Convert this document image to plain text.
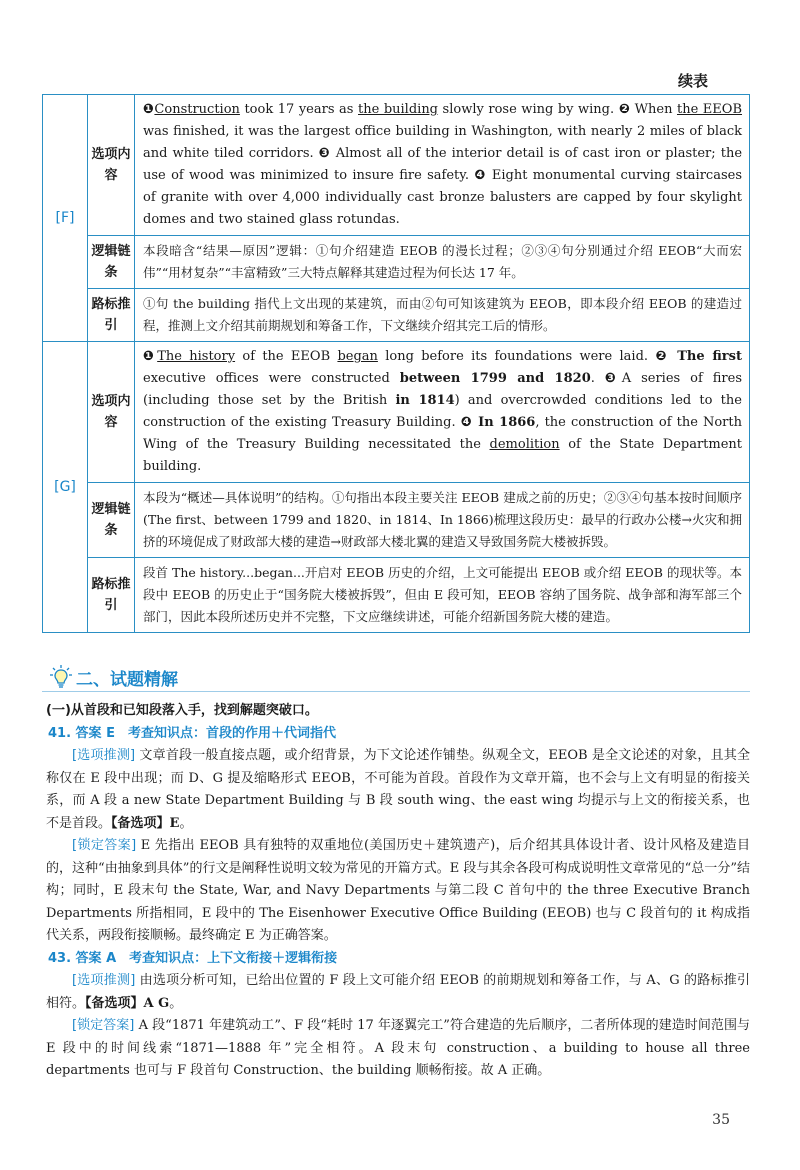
续表
[F]	选项内容	❶Construction took 17 years as the building slowly rose wing by wing. ❷ When the EEOB was finished, it was the largest office building in Washington, with nearly 2 miles of black and white tiled corridors. ❸ Almost all of the interior detail is of cast iron or plaster; the use of wood was minimized to insure fire safety. ❹ Eight monumental curving staircases of granite with over 4,000 individually cast bronze balusters are capped by four skylight domes and two stained glass rotundas.
	逻辑链条	本段暗含“结果—原因”逻辑：①句介绍建造 EEOB 的漫长过程；②③④句分别通过介绍 EEOB“大而宏伟”“用材复杂”“丰富精致”三大特点解释其建造过程为何长达 17 年。
	路标推引	①句 the building 指代上文出现的某建筑，而由②句可知该建筑为 EEOB，即本段介绍 EEOB 的建造过程，推测上文介绍其前期规划和筹备工作，下文继续介绍其完工后的情形。
[G]	选项内容	❶The history of the EEOB began long before its foundations were laid. ❷ The first executive offices were constructed between 1799 and 1820. ❸A series of fires (including those set by the British in 1814) and overcrowded conditions led to the construction of the existing Treasury Building. ❹ In 1866, the construction of the North Wing of the Treasury Building necessitated the demolition of the State Department building.
	逻辑链条	本段为“概述—具体说明”的结构。①句指出本段主要关注 EEOB 建成之前的历史；②③④句基本按时间顺序(The first、between 1799 and 1820、in 1814、In 1866)梳理这段历史：最早的行政办公楼→火灾和拥挤的环境促成了财政部大楼的建造→财政部大楼北翼的建造又导致国务院大楼被拆毁。
	路标推引	段首 The history...began...开启对 EEOB 历史的介绍，上文可能提出 EEOB 或介绍 EEOB 的现状等。本段中 EEOB 的历史止于“国务院大楼被拆毁”，但由 E 段可知，EEOB 容纳了国务院、战争部和海军部三个部门，因此本段所述历史并不完整，下文应继续讲述，可能介绍新国务院大楼的建造。
二、试题精解

(一)从首段和已知段落入手，找到解题突破口。

41. 答案 E　考查知识点：首段的作用＋代词指代

[选项推测] 文章首段一般直接点题，或介绍背景，为下文论述作铺垫。纵观全文，EEOB 是全文论述的对象，且其全称仅在 E 段中出现；而 D、G 提及缩略形式 EEOB，不可能为首段。首段作为文章开篇，也不会与上文有明显的衔接关系，而 A 段 a new State Department Building 与 B 段 south wing、the east wing 均提示与上文的衔接关系，也不是首段。【备选项】E。

[锁定答案] E 先指出 EEOB 具有独特的双重地位(美国历史＋建筑遗产)，后介绍其具体设计者、设计风格及建造目的，这种“由抽象到具体”的行文是阐释性说明文较为常见的开篇方式。E 段与其余各段可构成说明性文章常见的“总一分”结构；同时，E 段末句 the State, War, and Navy Departments 与第二段 C 首句中的 the three Executive Branch Departments 所指相同，E 段中的 The Eisenhower Executive Office Building (EEOB) 也与 C 段首句的 it 构成指代关系，两段衔接顺畅。最终确定 E 为正确答案。

43. 答案 A　考查知识点：上下文衔接＋逻辑衔接

[选项推测] 由选项分析可知，已给出位置的 F 段上文可能介绍 EEOB 的前期规划和筹备工作，与 A、G 的路标推引相符。【备选项】A G。

[锁定答案] A 段“1871 年建筑动工”、F 段“耗时 17 年逐翼完工”符合建造的先后顺序，二者所体现的建造时间范围与 E 段中的时间线索“1871—1888 年”完全相符。A 段末句 construction、a building to house all three departments 也可与 F 段首句 Construction、the building 顺畅衔接。故 A 正确。

35
